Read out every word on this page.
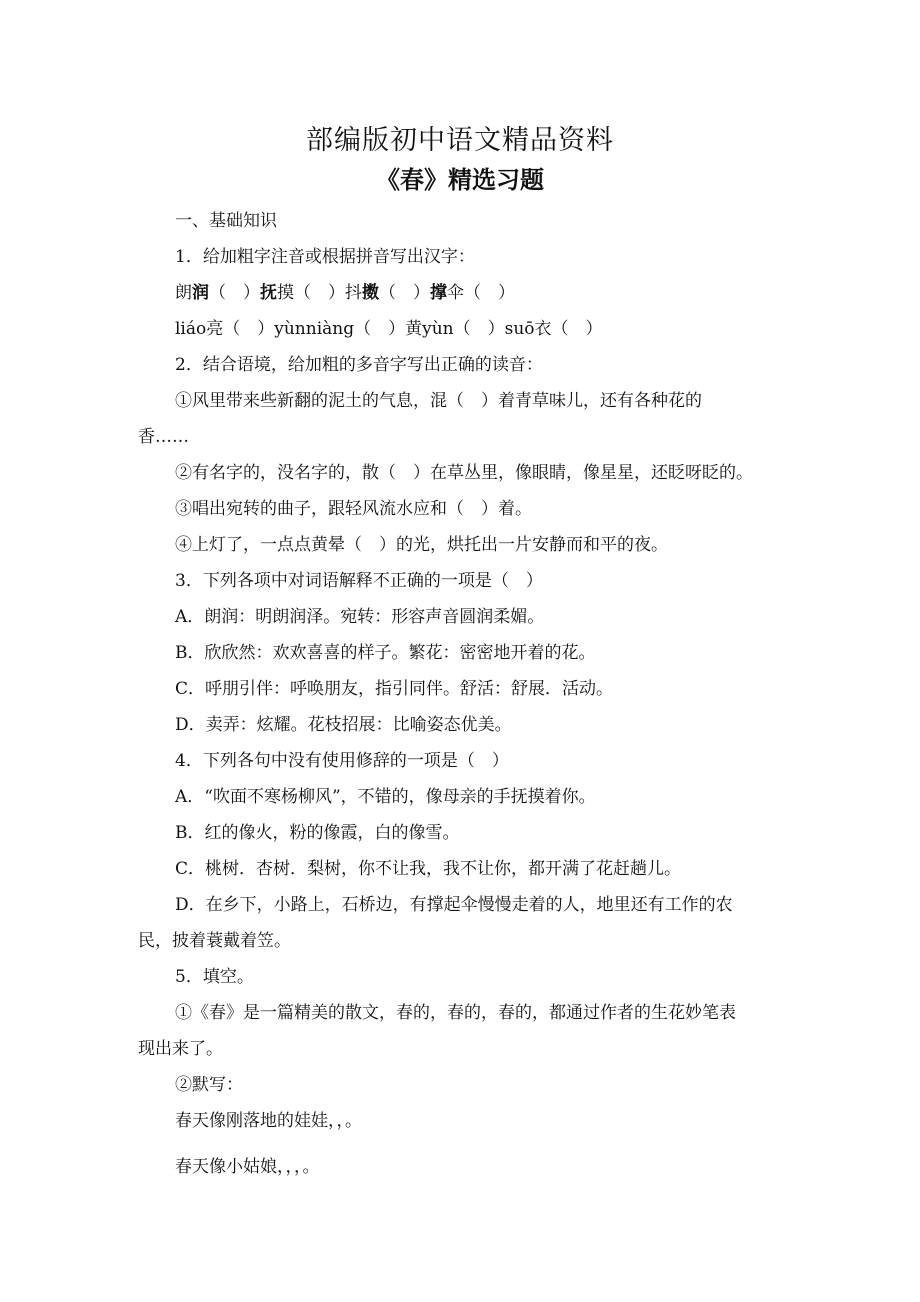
部编版初中语文精品资料
《春》精选习题
一、基础知识
1．给加粗字注音或根据拼音写出汉字：
朗润（　）抚摸（　）抖擞（　）撑伞（　）
liáo亮（　）yùnniàng（　）黄yùn（　）suō衣（　）
2．结合语境，给加粗的多音字写出正确的读音：
①风里带来些新翻的泥土的气息，混（　）着青草味儿，还有各种花的
香……
②有名字的，没名字的，散（　）在草丛里，像眼睛，像星星，还眨呀眨的。
③唱出宛转的曲子，跟轻风流水应和（　）着。
④上灯了，一点点黄晕（　）的光，烘托出一片安静而和平的夜。
3．下列各项中对词语解释不正确的一项是（　）
A．朗润：明朗润泽。宛转：形容声音圆润柔媚。
B．欣欣然：欢欢喜喜的样子。繁花：密密地开着的花。
C．呼朋引伴：呼唤朋友，指引同伴。舒活：舒展．活动。
D．卖弄：炫耀。花枝招展：比喻姿态优美。
4．下列各句中没有使用修辞的一项是（　）
A．“吹面不寒杨柳风”，不错的，像母亲的手抚摸着你。
B．红的像火，粉的像霞，白的像雪。
C．桃树．杏树．梨树，你不让我，我不让你，都开满了花赶趟儿。
D．在乡下，小路上，石桥边，有撑起伞慢慢走着的人，地里还有工作的农
民，披着蓑戴着笠。
5．填空。
①《春》是一篇精美的散文，春的，春的，春的，都通过作者的生花妙笔表
现出来了。
②默写：
春天像刚落地的娃娃，，。
春天像小姑娘，，，。
